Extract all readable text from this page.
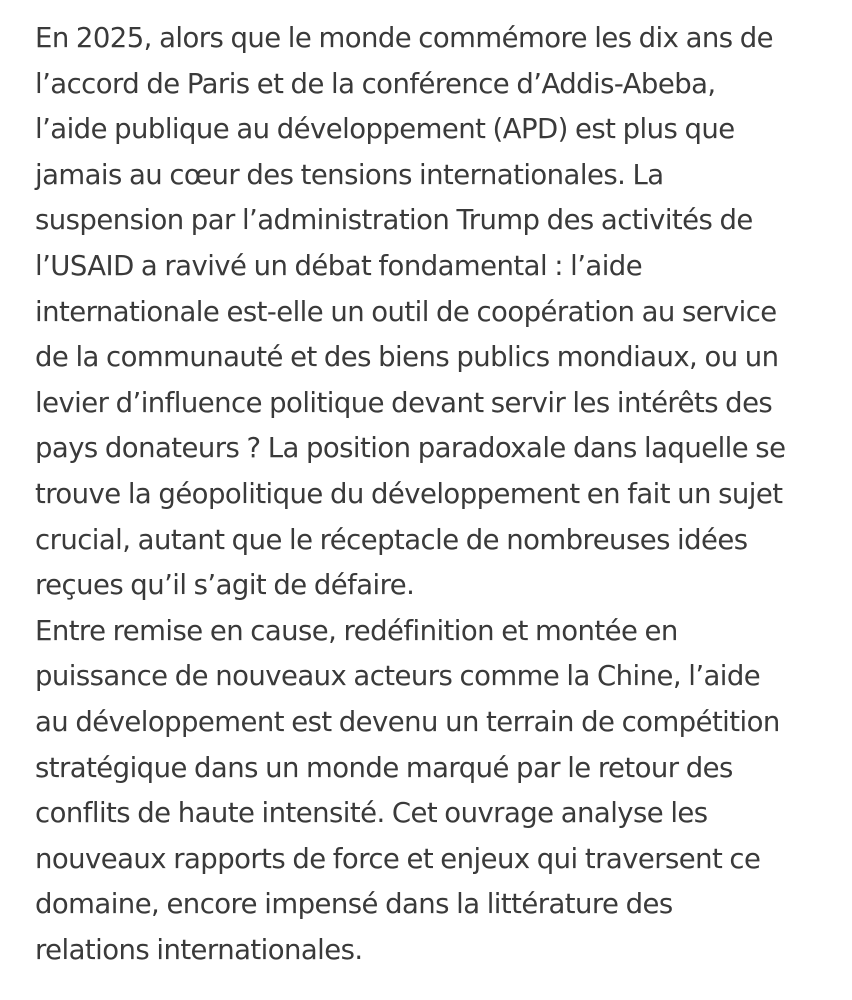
En 2025, alors que le monde commémore les dix ans de
l’accord de Paris et de la conférence d’Addis-Abeba,
l’aide publique au développement (APD) est plus que
jamais au cœur des tensions internationales. La
suspension par l’administration Trump des activités de
l’USAID a ravivé un débat fondamental : l’aide
internationale est-elle un outil de coopération au service
de la communauté et des biens publics mondiaux, ou un
levier d’influence politique devant servir les intérêts des
pays donateurs ? La position paradoxale dans laquelle se
trouve la géopolitique du développement en fait un sujet
crucial, autant que le réceptacle de nombreuses idées
reçues qu’il s’agit de défaire.

Entre remise en cause, redéfinition et montée en
puissance de nouveaux acteurs comme la Chine, l’aide
au développement est devenu un terrain de compétition
stratégique dans un monde marqué par le retour des
conflits de haute intensité. Cet ouvrage analyse les
nouveaux rapports de force et enjeux qui traversent ce
domaine, encore impensé dans la littérature des
relations internationales.
